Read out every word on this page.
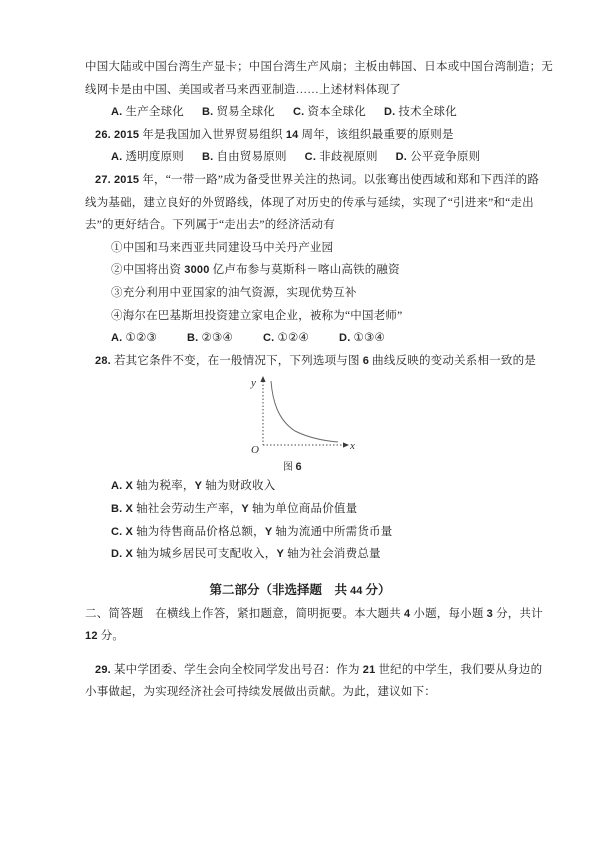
中国大陆或中国台湾生产显卡；中国台湾生产风扇；主板由韩国、日本或中国台湾制造；无
线网卡是由中国、美国或者马来西亚制造……上述材料体现了
A. 生产全球化 B. 贸易全球化 C. 资本全球化 D. 技术全球化
26. 2015 年是我国加入世界贸易组织 14 周年，该组织最重要的原则是
A. 透明度原则 B. 自由贸易原则 C. 非歧视原则 D. 公平竞争原则
27. 2015 年，“一带一路”成为备受世界关注的热词。以张骞出使西域和郑和下西洋的路
线为基础，建立良好的外贸路线，体现了对历史的传承与延续，实现了“引进来”和“走出
去”的更好结合。下列属于“走出去”的经济活动有
①中国和马来西亚共同建设马中关丹产业园
②中国将出资 3000 亿卢布参与莫斯科－喀山高铁的融资
③充分利用中亚国家的油气资源，实现优势互补
④海尔在巴基斯坦投资建立家电企业，被称为“中国老师”
A. ①②③	B. ②③④	C. ①②④	D. ①③④
28. 若其它条件不变，在一般情况下，下列选项与图 6 曲线反映的变动关系相一致的是
y
x
O
图 6
A. X 轴为税率，Y 轴为财政收入
B. X 轴社会劳动生产率，Y 轴为单位商品价值量
C. X 轴为待售商品价格总额，Y 轴为流通中所需货币量
D. X 轴为城乡居民可支配收入，Y 轴为社会消费总量
第二部分（非选择题　共 44 分）
二、简答题　在横线上作答，紧扣题意，简明扼要。本大题共 4 小题，每小题 3 分，共计
12 分。
29. 某中学团委、学生会向全校同学发出号召：作为 21 世纪的中学生，我们要从身边的
小事做起，为实现经济社会可持续发展做出贡献。为此，建议如下：
